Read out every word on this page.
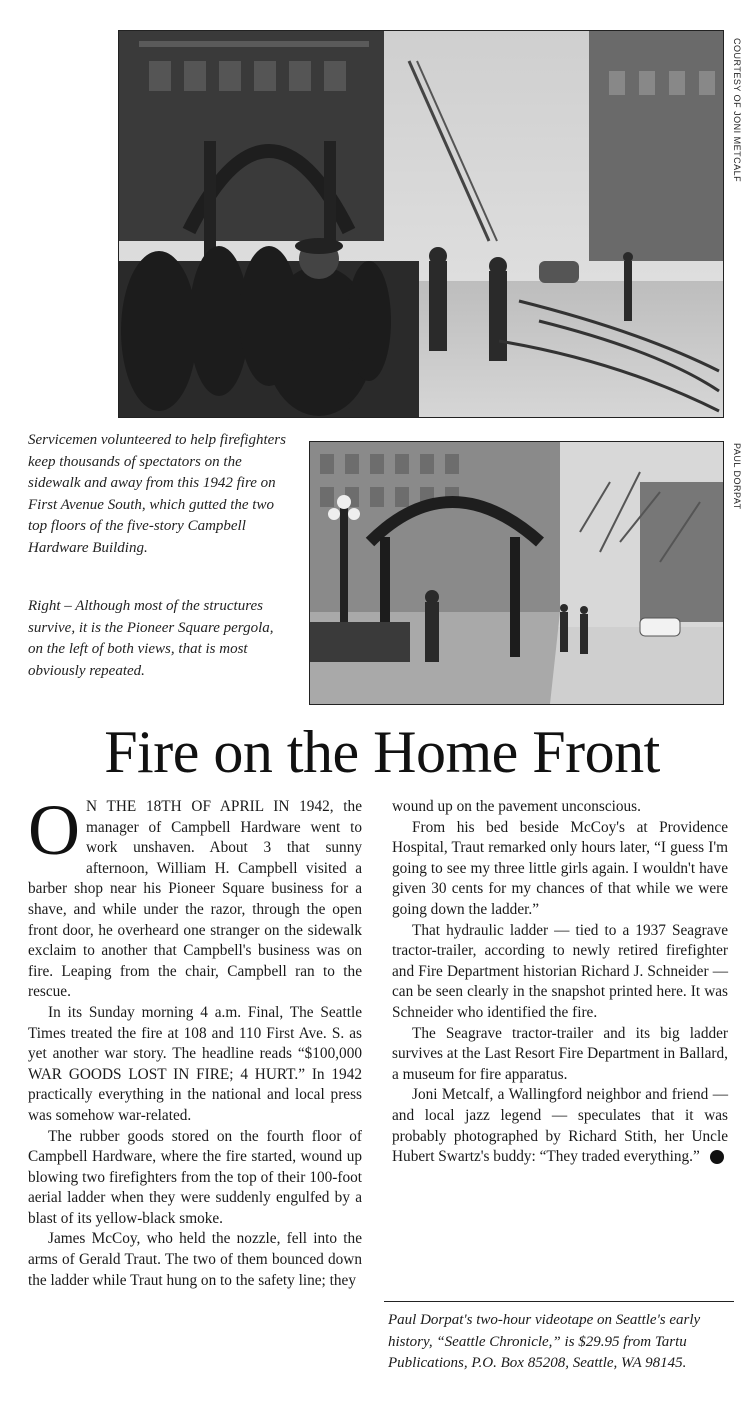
COURTESY OF JONI METCALF
PAUL DORPAT

Servicemen volunteered to help firefighters keep thousands of spectators on the sidewalk and away from this 1942 fire on First Avenue South, which gutted the two top floors of the five-story Campbell Hardware Building.

Right – Although most of the structures survive, it is the Pioneer Square pergola, on the left of both views, that is most obviously repeated.

Fire on the Home Front

O N THE 18TH OF APRIL IN 1942, the manager of Campbell Hardware went to work unshaven. About 3 that sunny afternoon, William H. Campbell visited a barber shop near his Pioneer Square business for a shave, and while under the razor, through the open front door, he overheard one stranger on the sidewalk exclaim to another that Campbell's business was on fire. Leaping from the chair, Campbell ran to the rescue.

In its Sunday morning 4 a.m. Final, The Seattle Times treated the fire at 108 and 110 First Ave. S. as yet another war story. The headline reads “$100,000 WAR GOODS LOST IN FIRE; 4 HURT.” In 1942 practically everything in the national and local press was somehow war-related.

The rubber goods stored on the fourth floor of Campbell Hardware, where the fire started, wound up blowing two firefighters from the top of their 100-foot aerial ladder when they were suddenly engulfed by a blast of its yellow-black smoke.

James McCoy, who held the nozzle, fell into the arms of Gerald Traut. The two of them bounced down the ladder while Traut hung on to the safety line; they

wound up on the pavement unconscious.

From his bed beside McCoy's at Providence Hospital, Traut remarked only hours later, “I guess I'm going to see my three little girls again. I wouldn't have given 30 cents for my chances of that while we were going down the ladder.”

That hydraulic ladder — tied to a 1937 Seagrave tractor-trailer, according to newly retired firefighter and Fire Department historian Richard J. Schneider — can be seen clearly in the snapshot printed here. It was Schneider who identified the fire.

The Seagrave tractor-trailer and its big ladder survives at the Last Resort Fire Department in Ballard, a museum for fire apparatus.

Joni Metcalf, a Wallingford neighbor and friend — and local jazz legend — speculates that it was probably photographed by Richard Stith, her Uncle Hubert Swartz's buddy: “They traded everything.”	P

Paul Dorpat's two-hour videotape on Seattle's early history, “Seattle Chronicle,” is $29.95 from Tartu Publications, P.O. Box 85208, Seattle, WA 98145.
